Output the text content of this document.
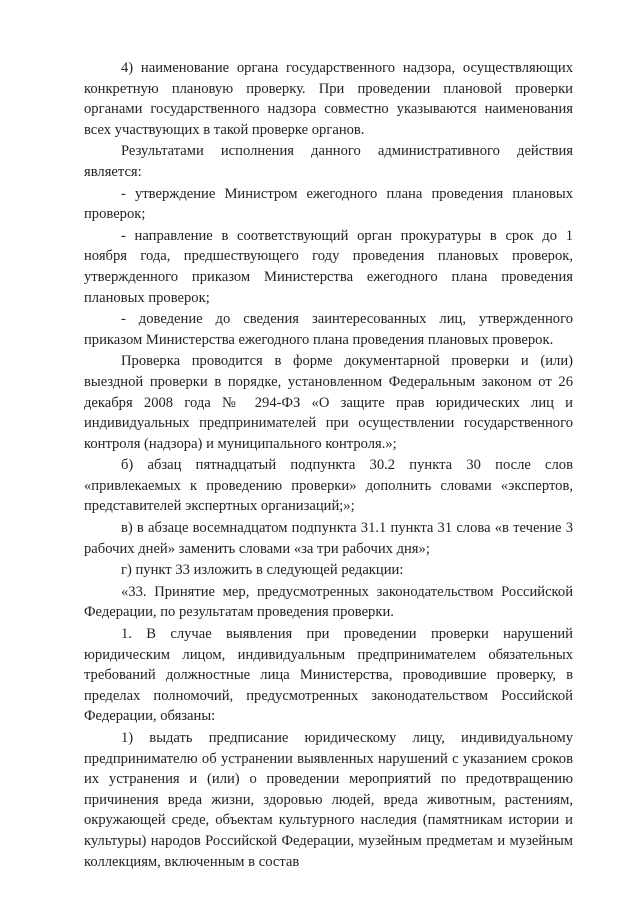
4) наименование органа государственного надзора, осуществляющих конкретную плановую проверку. При проведении плановой проверки органами государственного надзора совместно указываются наименования всех участвующих в такой проверке органов.

Результатами исполнения данного административного действия является:

- утверждение Министром ежегодного плана проведения плановых проверок;

- направление в соответствующий орган прокуратуры в срок до 1 ноября года, предшествующего году проведения плановых проверок, утвержденного приказом Министерства ежегодного плана проведения плановых проверок;

- доведение до сведения заинтересованных лиц, утвержденного приказом Министерства ежегодного плана проведения плановых проверок.

Проверка проводится в форме документарной проверки и (или) выездной проверки в порядке, установленном Федеральным законом от 26 декабря 2008 года № 294-ФЗ «О защите прав юридических лиц и индивидуальных предпринимателей при осуществлении государственного контроля (надзора) и муниципального контроля.»;

б) абзац пятнадцатый подпункта 30.2 пункта 30 после слов «привлекаемых к проведению проверки» дополнить словами «экспертов, представителей экспертных организаций;»;

в) в абзаце восемнадцатом подпункта 31.1 пункта 31 слова «в течение 3 рабочих дней» заменить словами «за три рабочих дня»;

г) пункт 33 изложить в следующей редакции:

«33. Принятие мер, предусмотренных законодательством Российской Федерации, по результатам проведения проверки.

1. В случае выявления при проведении проверки нарушений юридическим лицом, индивидуальным предпринимателем обязательных требований должностные лица Министерства, проводившие проверку, в пределах полномочий, предусмотренных законодательством Российской Федерации, обязаны:

1) выдать предписание юридическому лицу, индивидуальному предпринимателю об устранении выявленных нарушений с указанием сроков их устранения и (или) о проведении мероприятий по предотвращению причинения вреда жизни, здоровью людей, вреда животным, растениям, окружающей среде, объектам культурного наследия (памятникам истории и культуры) народов Российской Федерации, музейным предметам и музейным коллекциям, включенным в состав
